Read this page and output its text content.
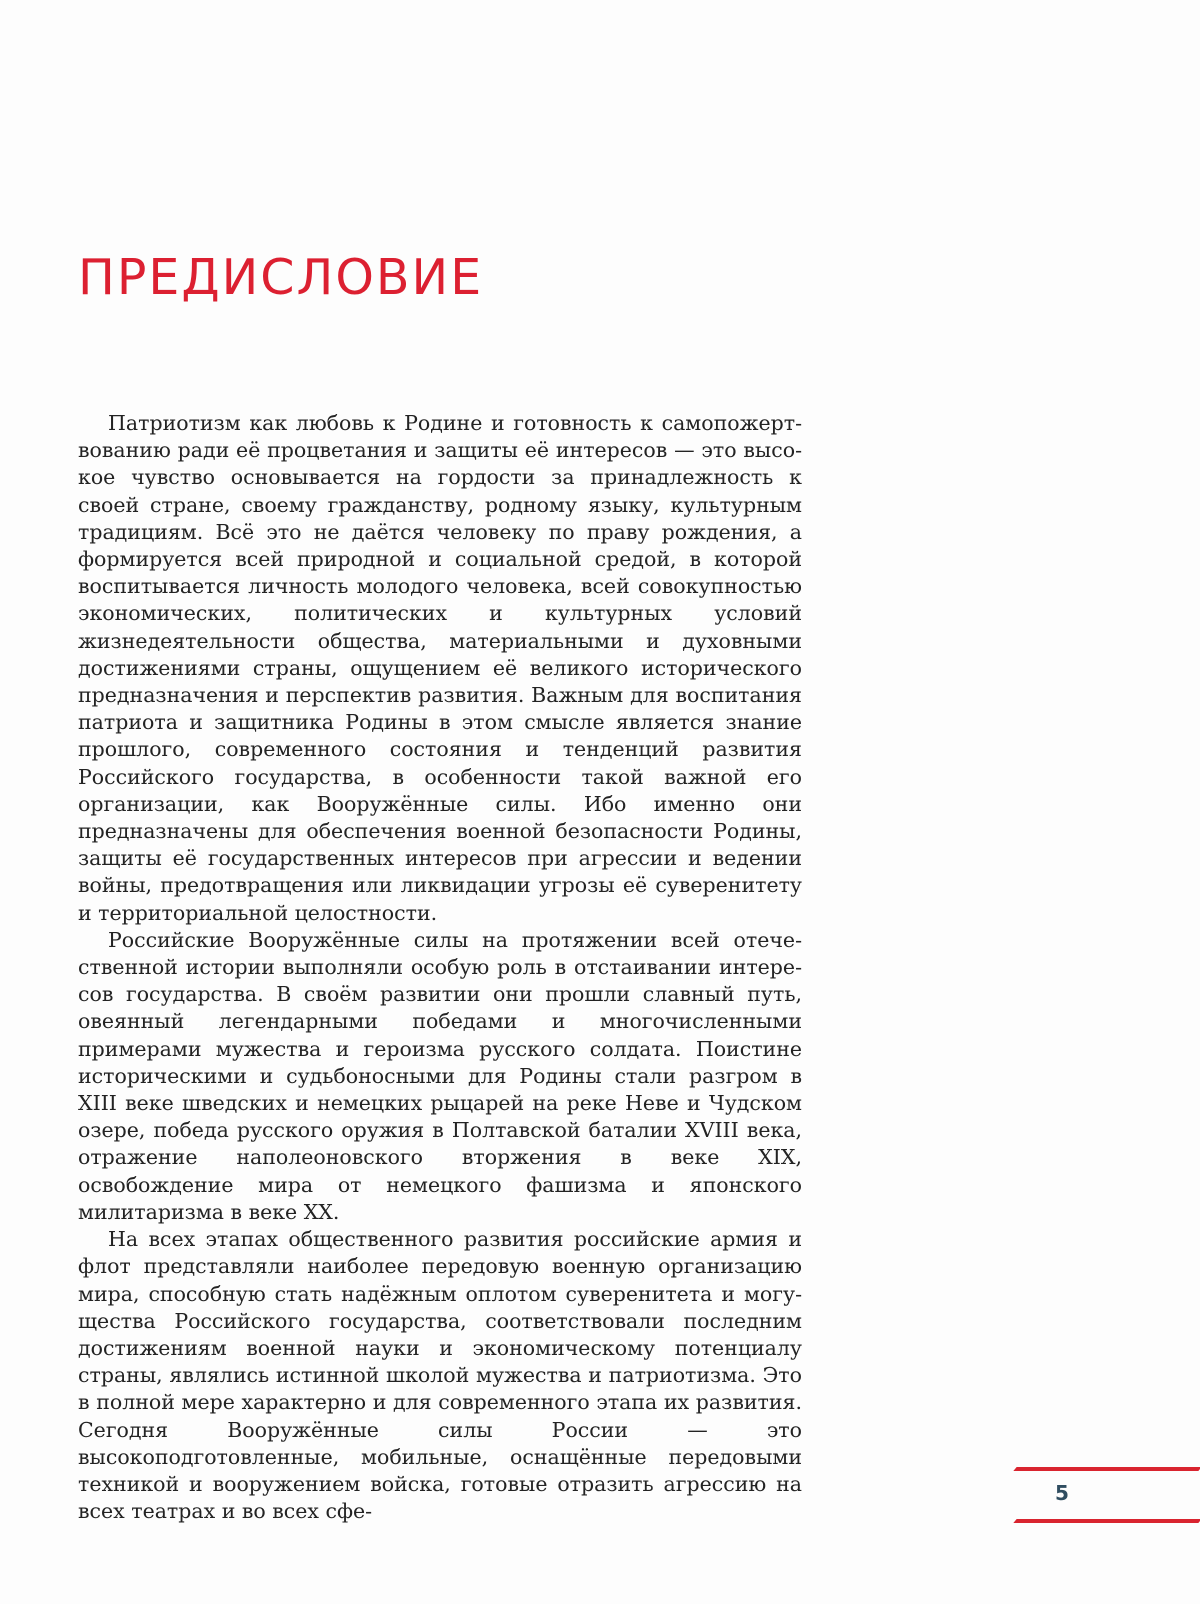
ПРЕДИСЛОВИЕ

Патриотизм как любовь к Родине и готовность к самопожертвованию ради её процветания и защиты её интересов — это высокое чувство основывается на гордости за принадлежность к своей стране, своему гражданству, родному языку, культурным традициям. Всё это не даётся человеку по праву рождения, а формируется всей природной и социальной средой, в которой воспитывается личность молодого человека, всей совокупностью экономических, политических и культурных условий жизнедеятельности общества, материальными и духовными достижениями страны, ощущением её великого исторического предназначения и перспектив развития. Важным для воспитания патриота и защитника Родины в этом смысле является знание прошлого, современного состояния и тенденций развития Российского государства, в особенности такой важной его организации, как Вооружённые силы. Ибо именно они предназначены для обеспечения военной безопасности Родины, защиты её государственных интересов при агрессии и ведении войны, предотвращения или ликвидации угрозы её суверенитету и территориальной целостности.

Российские Вооружённые силы на протяжении всей отечественной истории выполняли особую роль в отстаивании интересов государства. В своём развитии они прошли славный путь, овеянный легендарными победами и многочисленными примерами мужества и героизма русского солдата. Поистине историческими и судьбоносными для Родины стали разгром в XIII веке шведских и немецких рыцарей на реке Неве и Чудском озере, победа русского оружия в Полтавской баталии XVIII века, отражение наполеоновского вторжения в веке XIX, освобождение мира от немецкого фашизма и японского милитаризма в веке XX.

На всех этапах общественного развития российские армия и флот представляли наиболее передовую военную организацию мира, способную стать надёжным оплотом суверенитета и могущества Российского государства, соответствовали последним достижениям военной науки и экономическому потенциалу страны, являлись истинной школой мужества и патриотизма. Это в полной мере характерно и для современного этапа их развития. Сегодня Вооружённые силы России — это высокоподготовленные, мобильные, оснащённые передовыми техникой и вооружением войска, готовые отразить агрессию на всех театрах и во всех сфе-

5
